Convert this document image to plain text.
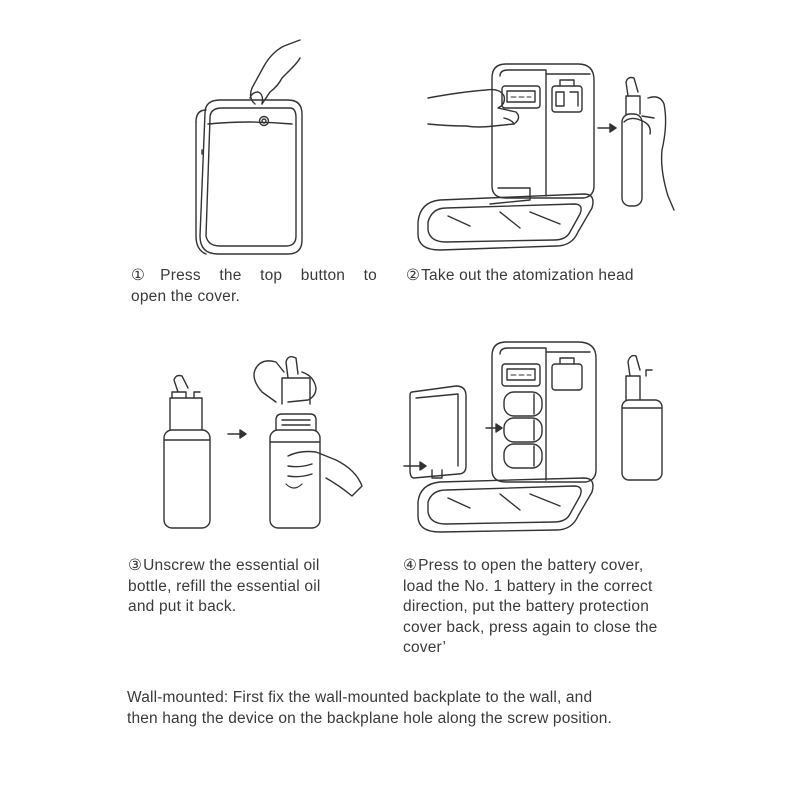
①Press the top button to
open the cover.
②Take out the atomization head
③Unscrew the essential oil
bottle, refill the essential oil
and put it back.
④Press to open the battery cover,
load the No. 1 battery in the correct
direction, put the battery protection
cover back, press again to close the
cover’
Wall-mounted: First fix the wall-mounted backplate to the wall, and
then hang the device on the backplane hole along the screw position.
